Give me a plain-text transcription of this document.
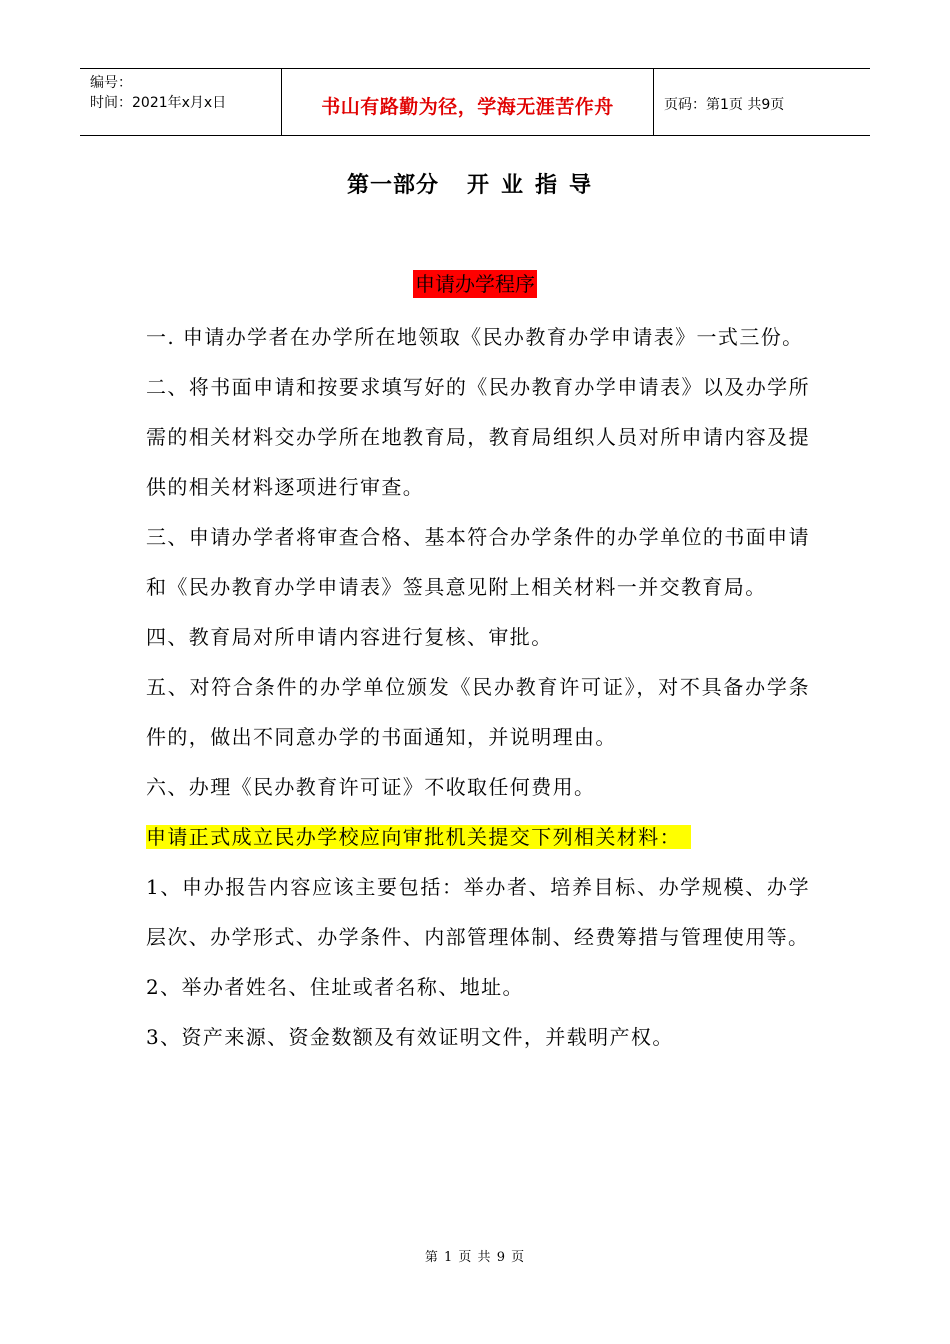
编号：
时间：2021年x月x日	书山有路勤为径，学海无涯苦作舟	页码：第1页 共9页
第一部分 开业指导
申请办学程序

一. 申请办学者在办学所在地领取《民办教育办学申请表》一式三份。

二、将书面申请和按要求填写好的《民办教育办学申请表》以及办学所需的相关材料交办学所在地教育局，教育局组织人员对所申请内容及提供的相关材料逐项进行审查。

三、申请办学者将审查合格、基本符合办学条件的办学单位的书面申请和《民办教育办学申请表》签具意见附上相关材料一并交教育局。

四、教育局对所申请内容进行复核、审批。

五、对符合条件的办学单位颁发《民办教育许可证》，对不具备办学条件的，做出不同意办学的书面通知，并说明理由。

六、办理《民办教育许可证》不收取任何费用。

申请正式成立民办学校应向审批机关提交下列相关材料：

1、申办报告内容应该主要包括：举办者、培养目标、办学规模、办学层次、办学形式、办学条件、内部管理体制、经费筹措与管理使用等。

2、举办者姓名、住址或者名称、地址。

3、资产来源、资金数额及有效证明文件，并载明产权。

第 1 页 共 9 页
